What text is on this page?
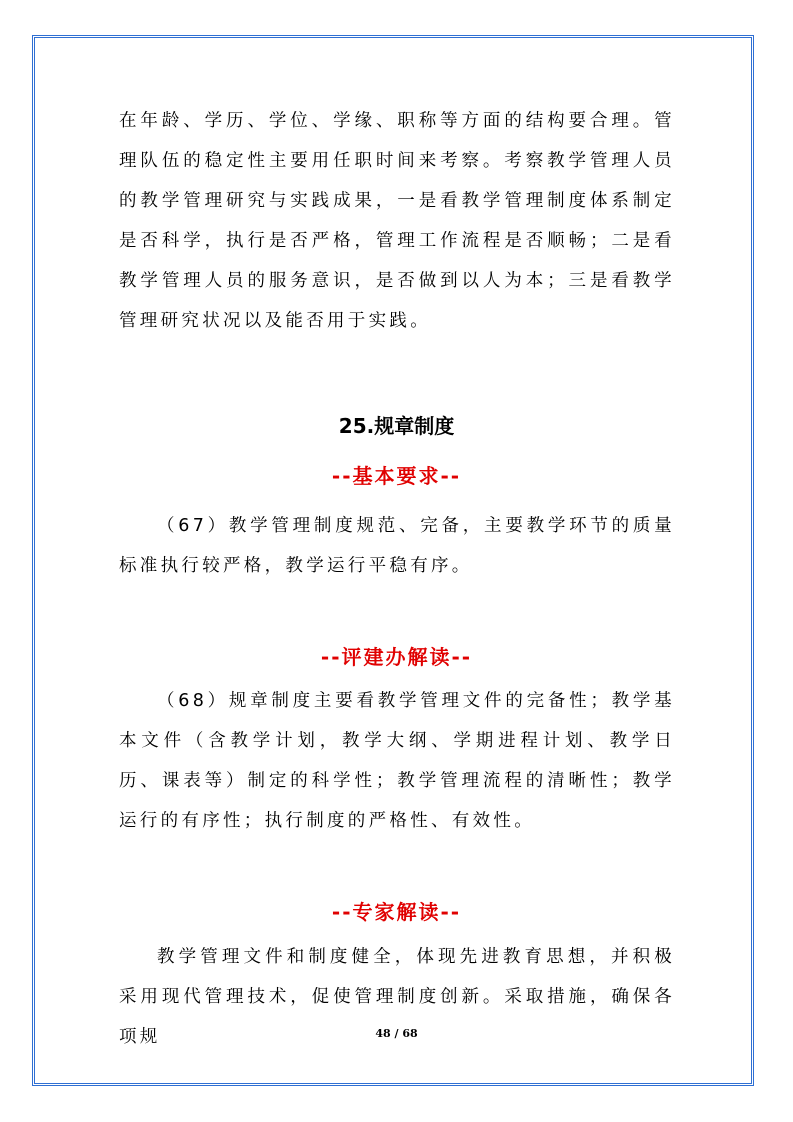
在年龄、学历、学位、学缘、职称等方面的结构要合理。管理队伍的稳定性主要用任职时间来考察。考察教学管理人员的教学管理研究与实践成果，一是看教学管理制度体系制定是否科学，执行是否严格，管理工作流程是否顺畅；二是看教学管理人员的服务意识，是否做到以人为本；三是看教学管理研究状况以及能否用于实践。

25.规章制度
--基本要求--

（67）教学管理制度规范、完备，主要教学环节的质量标准执行较严格，教学运行平稳有序。

--评建办解读--

（68）规章制度主要看教学管理文件的完备性；教学基本文件（含教学计划，教学大纲、学期进程计划、教学日历、课表等）制定的科学性；教学管理流程的清晰性；教学运行的有序性；执行制度的严格性、有效性。

--专家解读--

教学管理文件和制度健全，体现先进教育思想，并积极采用现代管理技术，促使管理制度创新。采取措施，确保各项规	48 / 68
